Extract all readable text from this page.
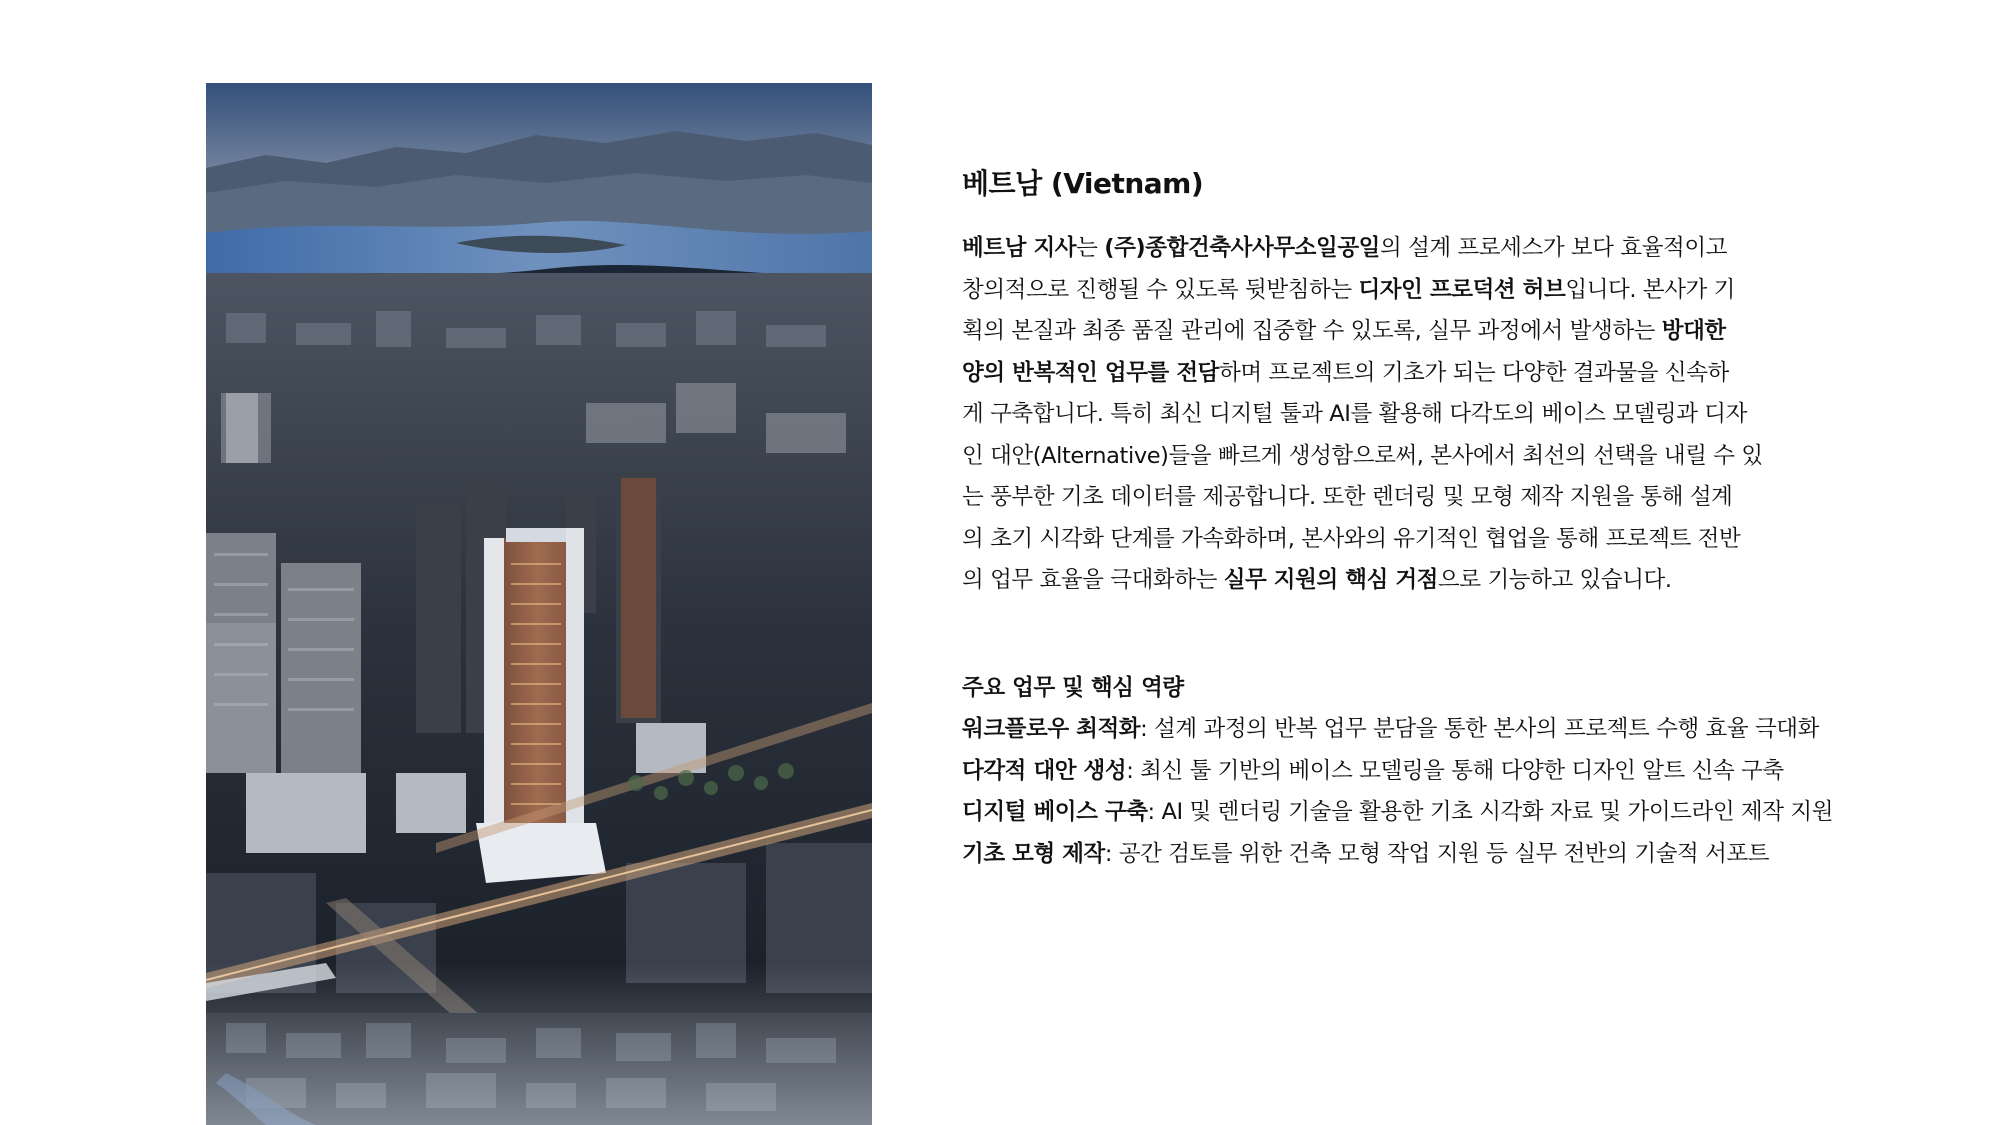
베트남 (Vietnam)
베트남 지사는 (주)종합건축사사무소일공일의 설계 프로세스가 보다 효율적이고
창의적으로 진행될 수 있도록 뒷받침하는 디자인 프로덕션 허브입니다. 본사가 기
획의 본질과 최종 품질 관리에 집중할 수 있도록, 실무 과정에서 발생하는 방대한
양의 반복적인 업무를 전담하며 프로젝트의 기초가 되는 다양한 결과물을 신속하
게 구축합니다. 특히 최신 디지털 툴과 AI를 활용해 다각도의 베이스 모델링과 디자
인 대안(Alternative)들을 빠르게 생성함으로써, 본사에서 최선의 선택을 내릴 수 있
는 풍부한 기초 데이터를 제공합니다. 또한 렌더링 및 모형 제작 지원을 통해 설계
의 초기 시각화 단계를 가속화하며, 본사와의 유기적인 협업을 통해 프로젝트 전반
의 업무 효율을 극대화하는 실무 지원의 핵심 거점으로 기능하고 있습니다.
주요 업무 및 핵심 역량
워크플로우 최적화: 설계 과정의 반복 업무 분담을 통한 본사의 프로젝트 수행 효율 극대화
다각적 대안 생성: 최신 툴 기반의 베이스 모델링을 통해 다양한 디자인 알트 신속 구축
디지털 베이스 구축: AI 및 렌더링 기술을 활용한 기초 시각화 자료 및 가이드라인 제작 지원
기초 모형 제작: 공간 검토를 위한 건축 모형 작업 지원 등 실무 전반의 기술적 서포트
